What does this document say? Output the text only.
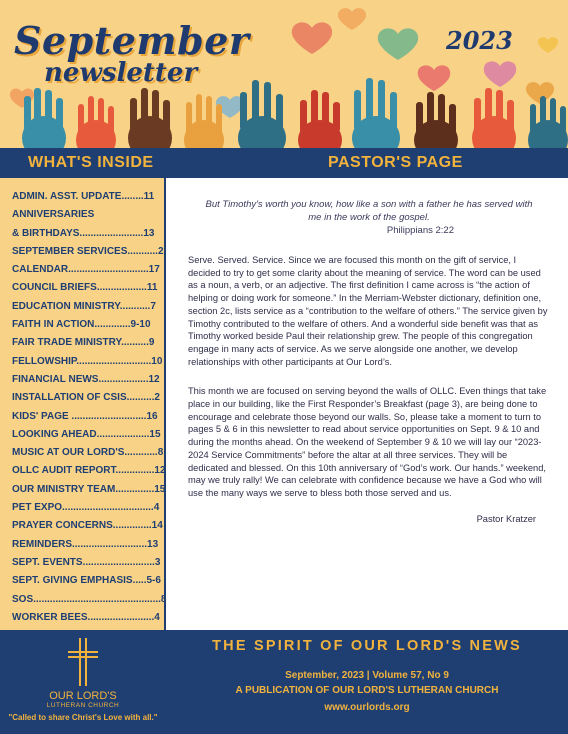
September
newsletter
2023
WHAT'S INSIDE	PASTOR'S PAGE
ADMIN. ASST. UPDATE........11
ANNIVERSARIES
& BIRTHDAYS.......................13
SEPTEMBER SERVICES...........2
CALENDAR.............................17
COUNCIL BRIEFS..................11
EDUCATION MINISTRY...........7
FAITH IN ACTION.............9-10
FAIR TRADE MINISTRY..........9
FELLOWSHIP...........................10
FINANCIAL NEWS..................12
INSTALLATION OF CSIS..........2
KIDS' PAGE ...........................16
LOOKING AHEAD...................15
MUSIC AT OUR LORD'S............8
OLLC AUDIT REPORT..............12
OUR MINISTRY TEAM..............15
PET EXPO.................................4
PRAYER CONCERNS..............14
REMINDERS...........................13
SEPT. EVENTS..........................3
SEPT. GIVING EMPHASIS.....5-6
SOS..............................................8
WORKER BEES........................4
But Timothy's worth you know, how like a son with a father he has served with me in the work of the gospel.
Philippians 2:22

Serve. Served. Service. Since we are focused this month on the gift of service, I decided to try to get some clarity about the meaning of service. The word can be used as a noun, a verb, or an adjective. The first definition I came across is “the action of helping or doing work for someone.” In the Merriam-Webster dictionary, definition one, section 2c, lists service as a “contribution to the welfare of others.” The service given by Timothy contributed to the welfare of others. And a wonderful side benefit was that as Timothy worked beside Paul their relationship grew. The people of this congregation engage in many acts of service. As we serve alongside one another, we develop relationships with other participants at Our Lord’s.

This month we are focused on serving beyond the walls of OLLC. Even things that take place in our building, like the First Responder’s Breakfast (page 3), are being done to encourage and celebrate those beyond our walls. So, please take a moment to turn to pages 5 & 6 in this newsletter to read about service opportunities on Sept. 9 & 10 and during the months ahead. On the weekend of September 9 & 10 we will lay our “2023-2024 Service Commitments” before the altar at all three services. They will be dedicated and blessed. On this 10th anniversary of “God’s work. Our hands.” weekend, may we truly rally! We can celebrate with confidence because we have a God who will use the many ways we serve to bless both those served and us.

Pastor Kratzer
OUR LORD'S
LUTHERAN CHURCH
"Called to share Christ's Love with all."
THE SPIRIT OF OUR LORD'S NEWS
September, 2023 | Volume 57, No 9
A PUBLICATION OF OUR LORD'S LUTHERAN CHURCH
www.ourlords.org
